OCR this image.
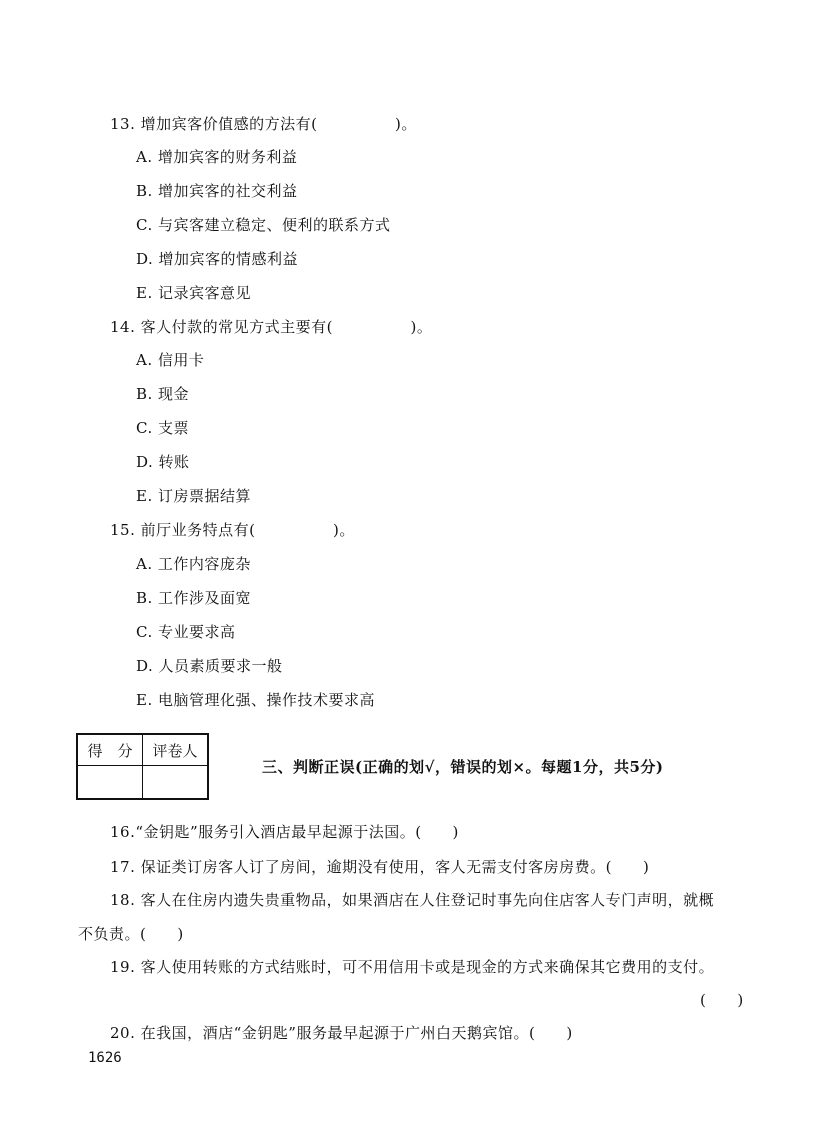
13. 增加宾客价值感的方法有(　　　　　)。
A. 增加宾客的财务利益
B. 增加宾客的社交利益
C. 与宾客建立稳定、便利的联系方式
D. 增加宾客的情感利益
E. 记录宾客意见
14. 客人付款的常见方式主要有(　　　　　)。
A. 信用卡
B. 现金
C. 支票
D. 转账
E. 订房票据结算
15. 前厅业务特点有(　　　　　)。
A. 工作内容庞杂
B. 工作涉及面宽
C. 专业要求高
D. 人员素质要求一般
E. 电脑管理化强、操作技术要求高
得　分	评卷人

三、判断正误(正确的划√，错误的划×。每题1分，共5分)
16.“金钥匙”服务引入酒店最早起源于法国。(　　)
17. 保证类订房客人订了房间，逾期没有使用，客人无需支付客房房费。(　　)
18. 客人在住房内遗失贵重物品，如果酒店在人住登记时事先向住店客人专门声明，就概
不负责。(　　)
19. 客人使用转账的方式结账时，可不用信用卡或是现金的方式来确保其它费用的支付。
(　　)
20. 在我国，酒店“金钥匙”服务最早起源于广州白天鹅宾馆。(　　)
1626
